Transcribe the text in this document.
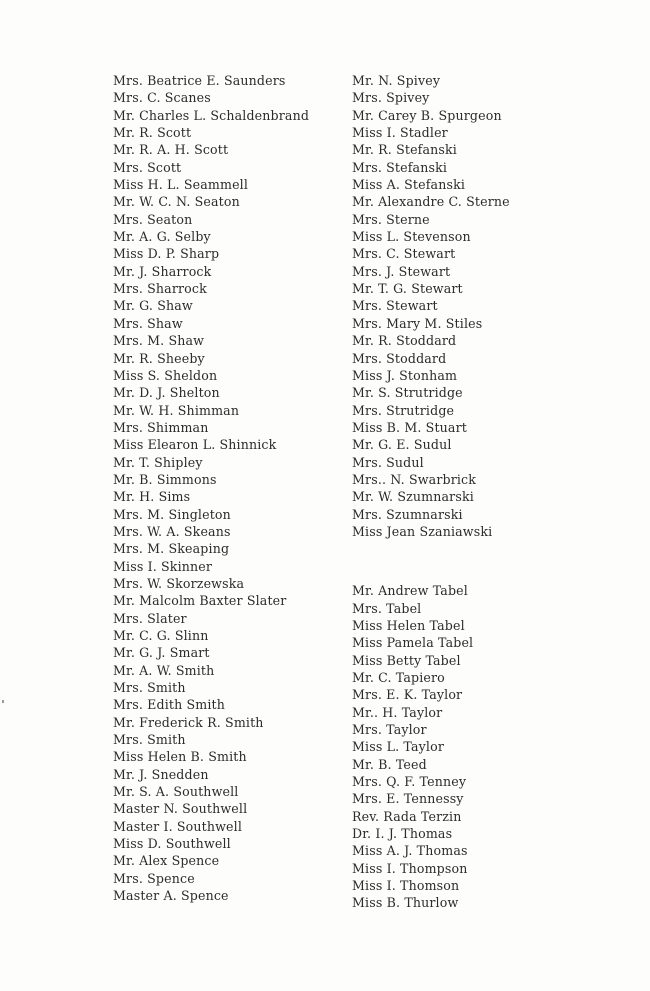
Mrs. Beatrice E. Saunders
Mrs. C. Scanes
Mr. Charles L. Schaldenbrand
Mr. R. Scott
Mr. R. A. H. Scott
Mrs. Scott
Miss H. L. Seammell
Mr. W. C. N. Seaton
Mrs. Seaton
Mr. A. G. Selby
Miss D. P. Sharp
Mr. J. Sharrock
Mrs. Sharrock
Mr. G. Shaw
Mrs. Shaw
Mrs. M. Shaw
Mr. R. Sheeby
Miss S. Sheldon
Mr. D. J. Shelton
Mr. W. H. Shimman
Mrs. Shimman
Miss Elearon L. Shinnick
Mr. T. Shipley
Mr. B. Simmons
Mr. H. Sims
Mrs. M. Singleton
Mrs. W. A. Skeans
Mrs. M. Skeaping
Miss I. Skinner
Mrs. W. Skorzewska
Mr. Malcolm Baxter Slater
Mrs. Slater
Mr. C. G. Slinn
Mr. G. J. Smart
Mr. A. W. Smith
Mrs. Smith
Mrs. Edith Smith
Mr. Frederick R. Smith
Mrs. Smith
Miss Helen B. Smith
Mr. J. Snedden
Mr. S. A. Southwell
Master N. Southwell
Master I. Southwell
Miss D. Southwell
Mr. Alex Spence
Mrs. Spence
Master A. Spence
Mr. N. Spivey
Mrs. Spivey
Mr. Carey B. Spurgeon
Miss I. Stadler
Mr. R. Stefanski
Mrs. Stefanski
Miss A. Stefanski
Mr. Alexandre C. Sterne
Mrs. Sterne
Miss L. Stevenson
Mrs. C. Stewart
Mrs. J. Stewart
Mr. T. G. Stewart
Mrs. Stewart
Mrs. Mary M. Stiles
Mr. R. Stoddard
Mrs. Stoddard
Miss J. Stonham
Mr. S. Strutridge
Mrs. Strutridge
Miss B. M. Stuart
Mr. G. E. Sudul
Mrs. Sudul
Mrs.. N. Swarbrick
Mr. W. Szumnarski
Mrs. Szumnarski
Miss Jean Szaniawski
Mr. Andrew Tabel
Mrs. Tabel
Miss Helen Tabel
Miss Pamela Tabel
Miss Betty Tabel
Mr. C. Tapiero
Mrs. E. K. Taylor
Mr.. H. Taylor
Mrs. Taylor
Miss L. Taylor
Mr. B. Teed
Mrs. Q. F. Tenney
Mrs. E. Tennessy
Rev. Rada Terzin
Dr. I. J. Thomas
Miss A. J. Thomas
Miss I. Thompson
Miss I. Thomson
Miss B. Thurlow
